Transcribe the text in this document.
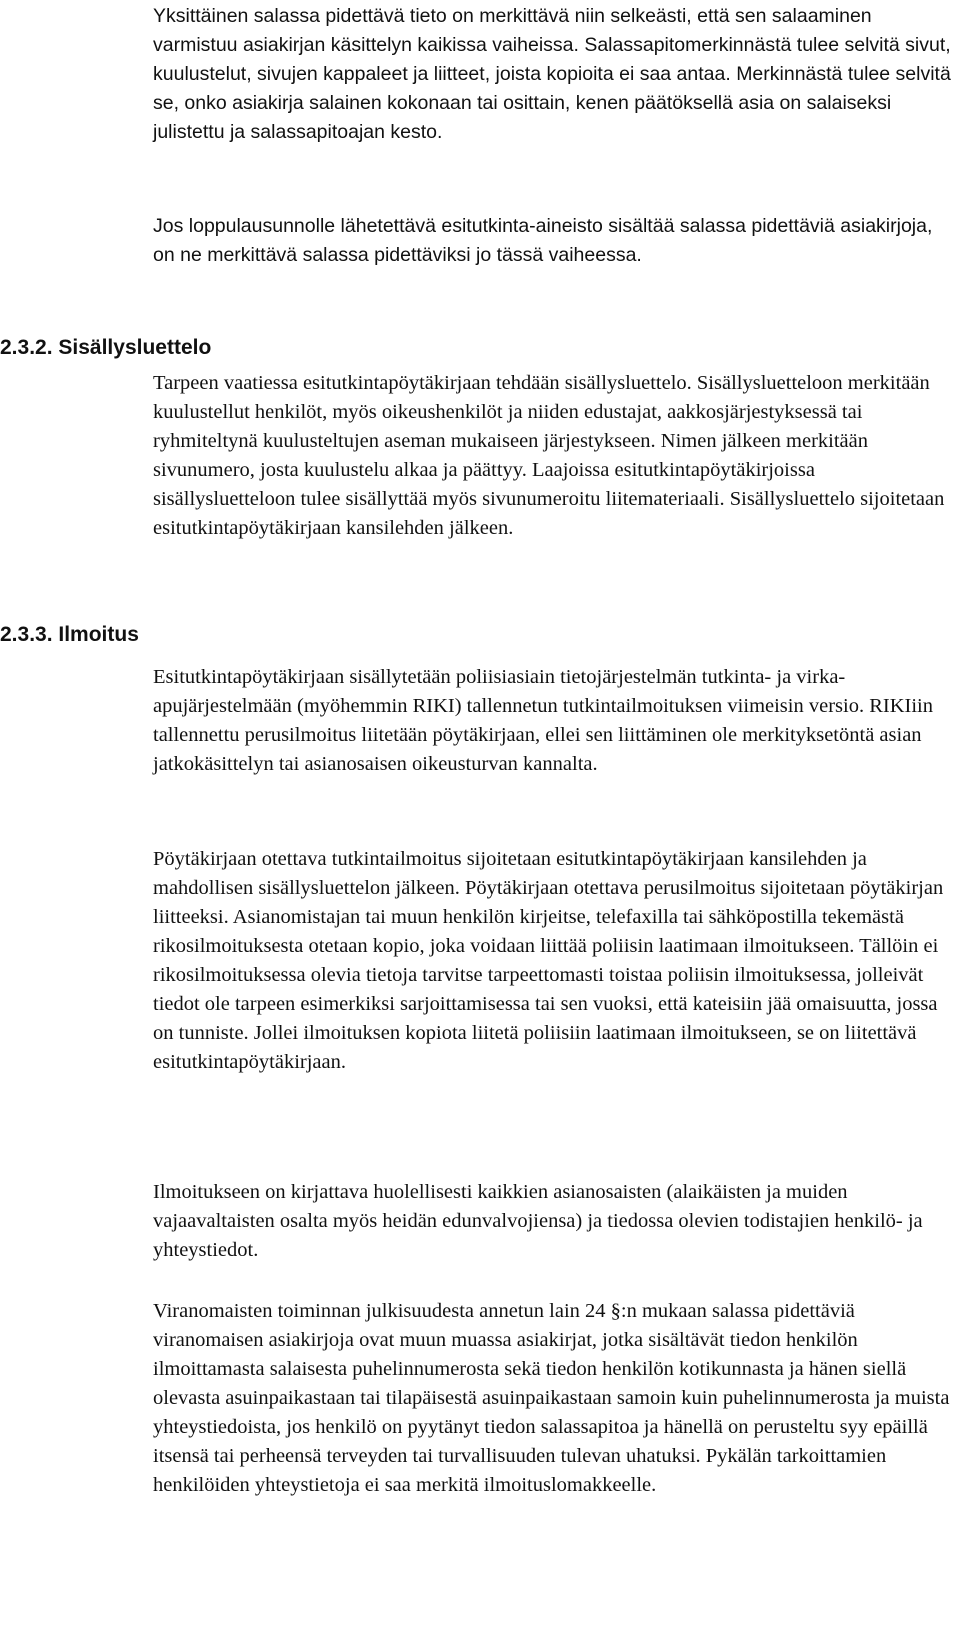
Yksittäinen salassa pidettävä tieto on merkittävä niin selkeästi, että sen salaaminen varmistuu asiakirjan käsittelyn kaikissa vaiheissa. Salassapitomerkinnästä tulee selvitä sivut, kuulustelut, sivujen kappaleet ja liitteet, joista kopioita ei saa antaa. Merkinnästä tulee selvitä se, onko asiakirja salainen kokonaan tai osittain, kenen päätöksellä asia on salaiseksi julistettu ja salassapitoajan kesto.

Jos loppulausunnolle lähetettävä esitutkinta-aineisto sisältää salassa pidettäviä asiakirjoja, on ne merkittävä salassa pidettäviksi jo tässä vaiheessa.

2.3.2. Sisällysluettelo

Tarpeen vaatiessa esitutkintapöytäkirjaan tehdään sisällysluettelo. Sisällysluetteloon merkitään kuulustellut henkilöt, myös oikeushenkilöt ja niiden edustajat, aakkosjärjestyksessä tai ryhmiteltynä kuulusteltujen aseman mukaiseen järjestykseen. Nimen jälkeen merkitään sivunumero, josta kuulustelu alkaa ja päättyy. Laajoissa esitutkintapöytäkirjoissa sisällysluetteloon tulee sisällyttää myös sivunumeroitu liitemateriaali. Sisällysluettelo sijoitetaan esitutkintapöytäkirjaan kansilehden jälkeen.

2.3.3. Ilmoitus

Esitutkintapöytäkirjaan sisällytetään poliisiasiain tietojärjestelmän tutkinta- ja virka-apujärjestelmään (myöhemmin RIKI) tallennetun tutkintailmoituksen viimeisin versio. RIKIiin tallennettu perusilmoitus liitetään pöytäkirjaan, ellei sen liittäminen ole merkityksetöntä asian jatkokäsittelyn tai asianosaisen oikeusturvan kannalta.

Pöytäkirjaan otettava tutkintailmoitus sijoitetaan esitutkintapöytäkirjaan kansilehden ja mahdollisen sisällysluettelon jälkeen. Pöytäkirjaan otettava perusilmoitus sijoitetaan pöytäkirjan liitteeksi. Asianomistajan tai muun henkilön kirjeitse, telefaxilla tai sähköpostilla tekemästä rikosilmoituksesta otetaan kopio, joka voidaan liittää poliisin laatimaan ilmoitukseen. Tällöin ei rikosilmoituksessa olevia tietoja tarvitse tarpeettomasti toistaa poliisin ilmoituksessa, jolleivät tiedot ole tarpeen esimerkiksi sarjoittamisessa tai sen vuoksi, että kateisiin jää omaisuutta, jossa on tunniste. Jollei ilmoituksen kopiota liitetä poliisiin laatimaan ilmoitukseen, se on liitettävä esitutkintapöytäkirjaan.

Ilmoitukseen on kirjattava huolellisesti kaikkien asianosaisten (alaikäisten ja muiden vajaavaltaisten osalta myös heidän edunvalvojiensa) ja tiedossa olevien todistajien henkilö- ja yhteystiedot.

Viranomaisten toiminnan julkisuudesta annetun lain 24 §:n mukaan salassa pidettäviä viranomaisen asiakirjoja ovat muun muassa asiakirjat, jotka sisältävät tiedon henkilön ilmoittamasta salaisesta puhelinnumerosta sekä tiedon henkilön kotikunnasta ja hänen siellä olevasta asuinpaikastaan tai tilapäisestä asuinpaikastaan samoin kuin puhelinnumerosta ja muista yhteystiedoista, jos henkilö on pyytänyt tiedon salassapitoa ja hänellä on perusteltu syy epäillä itsensä tai perheensä terveyden tai turvallisuuden tulevan uhatuksi. Pykälän tarkoittamien henkilöiden yhteystietoja ei saa merkitä ilmoituslomakkeelle.
